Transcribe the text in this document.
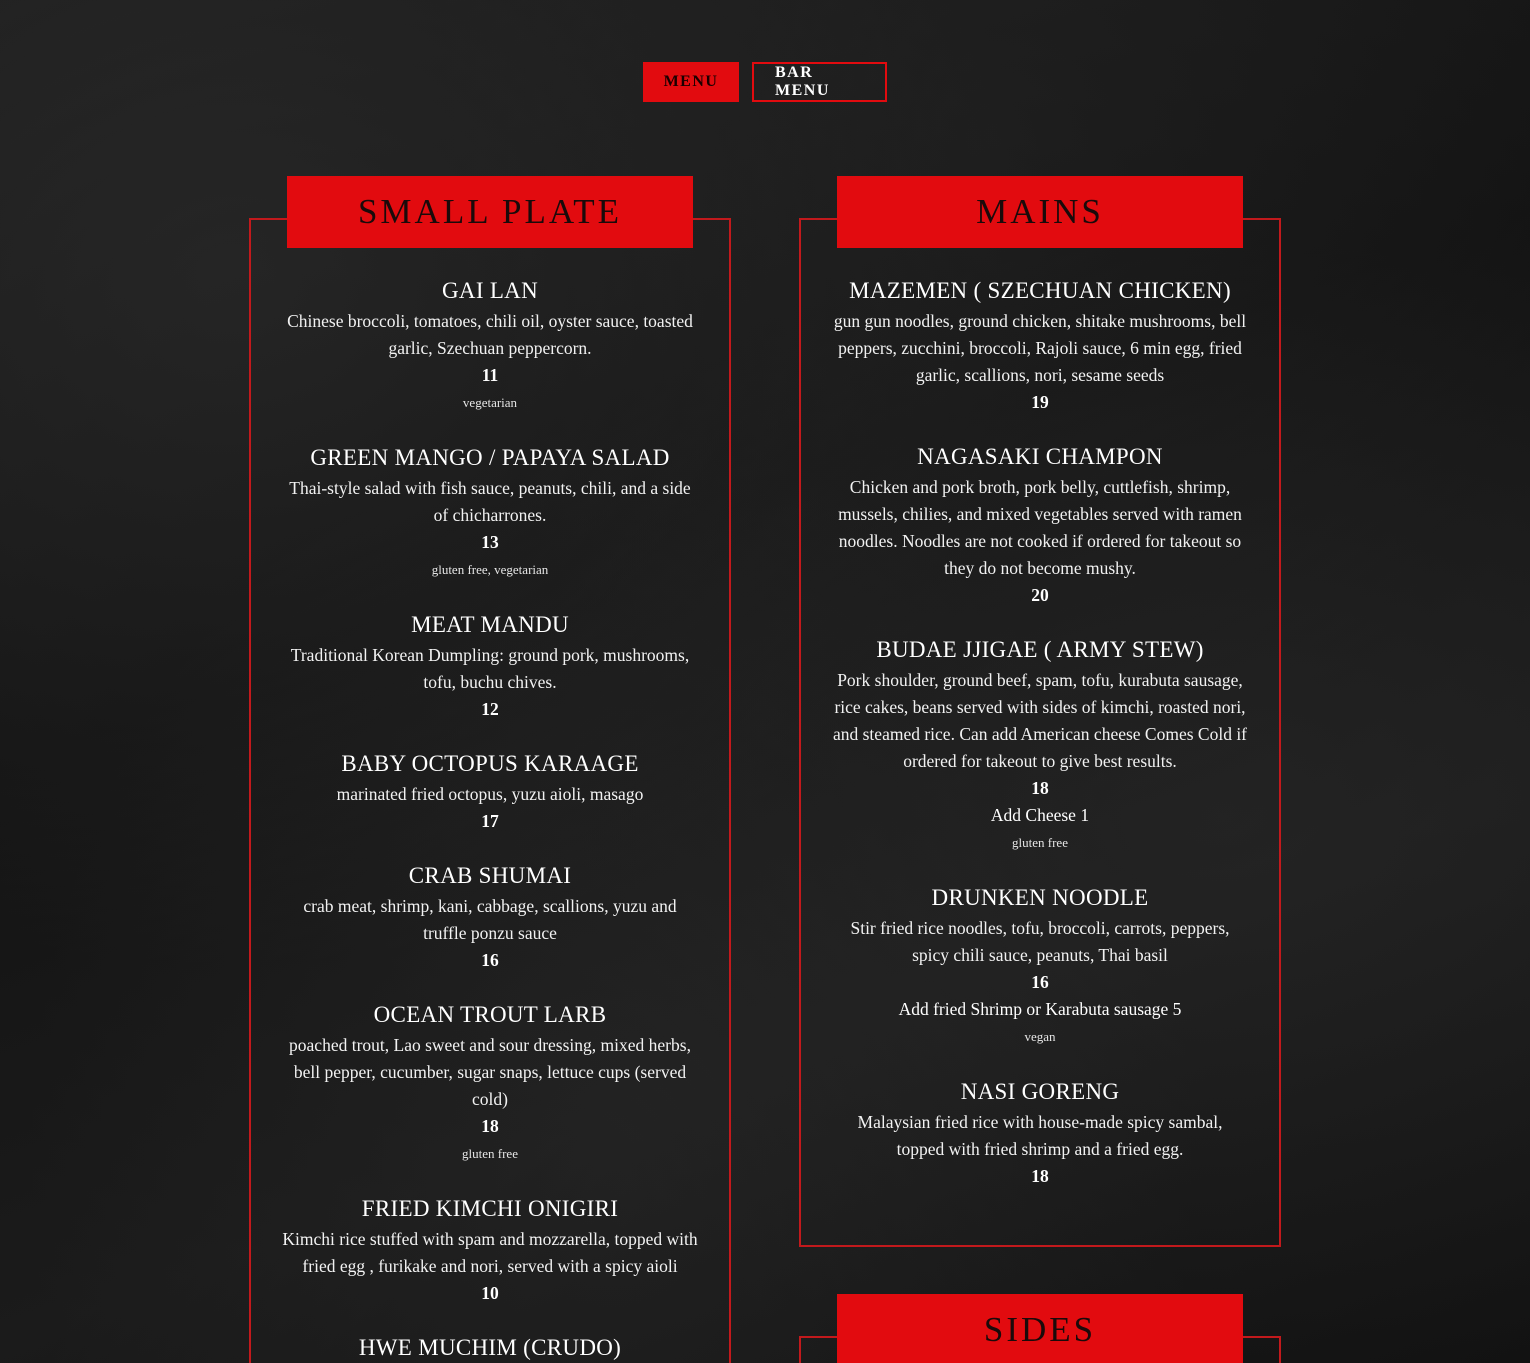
MENU
BAR MENU
SMALL PLATE
GAI LAN
Chinese broccoli, tomatoes, chili oil, oyster sauce, toasted garlic, Szechuan peppercorn.
11
vegetarian
GREEN MANGO / PAPAYA SALAD
Thai-style salad with fish sauce, peanuts, chili, and a side of chicharrones.
13
gluten free, vegetarian
MEAT MANDU
Traditional Korean Dumpling: ground pork, mushrooms, tofu, buchu chives.
12
BABY OCTOPUS KARAAGE
marinated fried octopus, yuzu aioli, masago
17
CRAB SHUMAI
crab meat, shrimp, kani, cabbage, scallions, yuzu and truffle ponzu sauce
16
OCEAN TROUT LARB
poached trout, Lao sweet and sour dressing, mixed herbs, bell pepper, cucumber, sugar snaps, lettuce cups (served cold)
18
gluten free
FRIED KIMCHI ONIGIRI
Kimchi rice stuffed with spam and mozzarella, topped with fried egg , furikake and nori, served with a spicy aioli
10
HWE MUCHIM (CRUDO)
MAINS
MAZEMEN ( SZECHUAN CHICKEN)
gun gun noodles, ground chicken, shitake mushrooms, bell peppers, zucchini, broccoli, Rajoli sauce, 6 min egg, fried garlic, scallions, nori, sesame seeds
19
NAGASAKI CHAMPON
Chicken and pork broth, pork belly, cuttlefish, shrimp, mussels, chilies, and mixed vegetables served with ramen noodles. Noodles are not cooked if ordered for takeout so they do not become mushy.
20
BUDAE JJIGAE ( ARMY STEW)
Pork shoulder, ground beef, spam, tofu, kurabuta sausage, rice cakes, beans served with sides of kimchi, roasted nori, and steamed rice. Can add American cheese Comes Cold if ordered for takeout to give best results.
18
Add Cheese 1
gluten free
DRUNKEN NOODLE
Stir fried rice noodles, tofu, broccoli, carrots, peppers, spicy chili sauce, peanuts, Thai basil
16
Add fried Shrimp or Karabuta sausage 5
vegan
NASI GORENG
Malaysian fried rice with house-made spicy sambal, topped with fried shrimp and a fried egg.
18
SIDES
